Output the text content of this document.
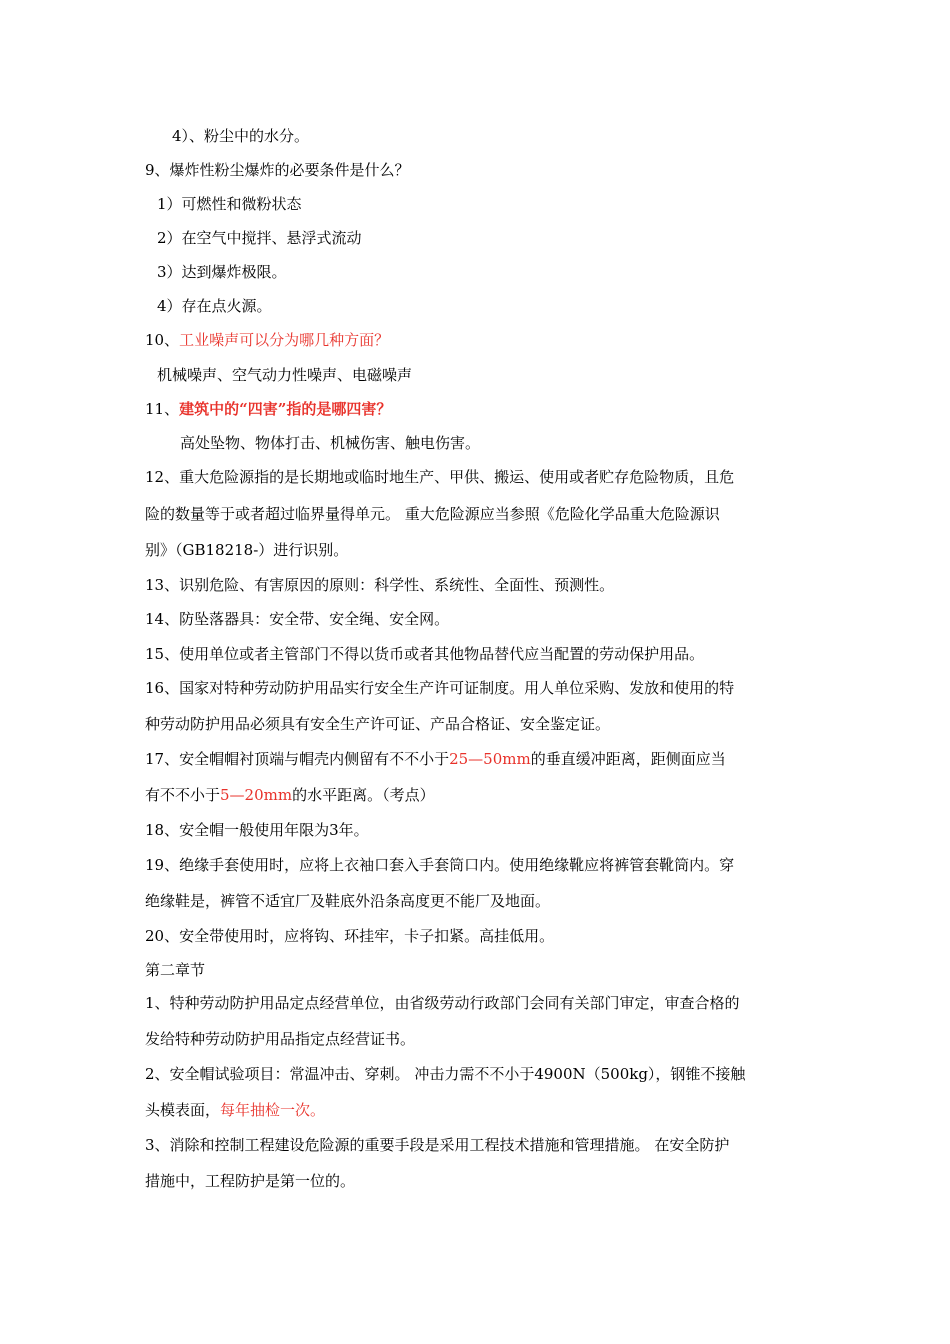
4）、粉尘中的水分。

9、爆炸性粉尘爆炸的必要条件是什么？

1）可燃性和微粉状态

2）在空气中搅拌、悬浮式流动

3）达到爆炸极限。

4）存在点火源。

10、工业噪声可以分为哪几种方面？

机械噪声、空气动力性噪声、电磁噪声

11、建筑中的“四害”指的是哪四害？

高处坠物、物体打击、机械伤害、触电伤害。

12、重大危险源指的是长期地或临时地生产、甲供、搬运、使用或者贮存危险物质，且危

险的数量等于或者超过临界量得单元。 重大危险源应当参照《危险化学品重大危险源识

别》（GB18218-）进行识别。

13、识别危险、有害原因的原则：科学性、系统性、全面性、预测性。

14、防坠落器具：安全带、安全绳、安全网。

15、使用单位或者主管部门不得以货币或者其他物品替代应当配置的劳动保护用品。

16、国家对特种劳动防护用品实行安全生产许可证制度。用人单位采购、发放和使用的特

种劳动防护用品必须具有安全生产许可证、产品合格证、安全鉴定证。

17、安全帽帽衬顶端与帽壳内侧留有不不小于25—50mm的垂直缓冲距离，距侧面应当

有不不小于5—20mm的水平距离。（考点）

18、安全帽一般使用年限为3年。

19、绝缘手套使用时，应将上衣袖口套入手套筒口内。使用绝缘靴应将裤管套靴筒内。穿

绝缘鞋是，裤管不适宜厂及鞋底外沿条高度更不能厂及地面。

20、安全带使用时，应将钩、环挂牢，卡子扣紧。高挂低用。

第二章节

1、特种劳动防护用品定点经营单位，由省级劳动行政部门会同有关部门审定，审查合格的

发给特种劳动防护用品指定点经营证书。

2、安全帽试验项目：常温冲击、穿刺。 冲击力需不不小于4900N（500kg），钢锥不接触

头模表面，每年抽检一次。

3、消除和控制工程建设危险源的重要手段是采用工程技术措施和管理措施。 在安全防护

措施中，工程防护是第一位的。
